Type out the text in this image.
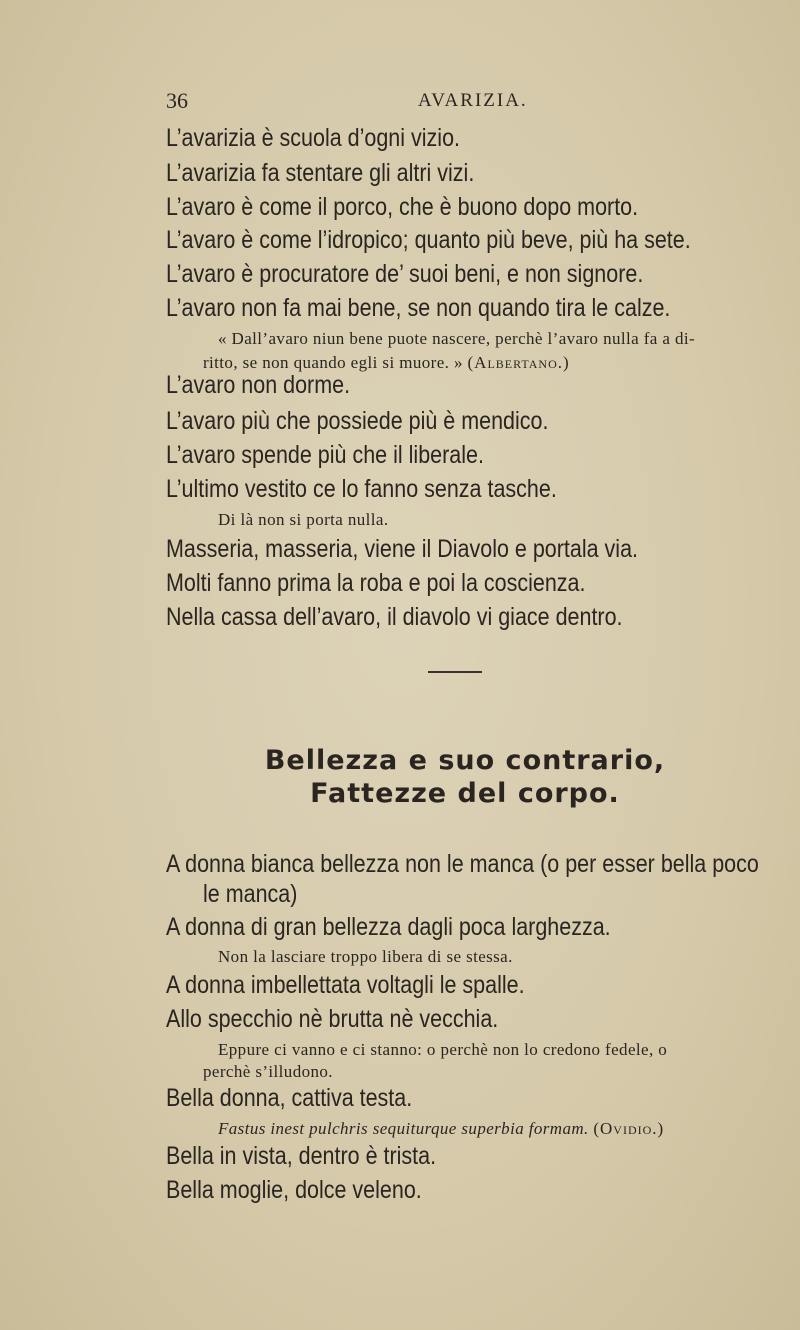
36	AVARIZIA.
L’avarizia è scuola d’ogni vizio.
L’avarizia fa stentare gli altri vizi.
L’avaro è come il porco, che è buono dopo morto.
L’avaro è come l’idropico; quanto più beve, più ha sete.
L’avaro è procuratore de’ suoi beni, e non signore.
L’avaro non fa mai bene, se non quando tira le calze.
« Dall’avaro niun bene puote nascere, perchè l’avaro nulla fa a di-
ritto, se non quando egli si muore. » (Albertano.)
L’avaro non dorme.
L’avaro più che possiede più è mendico.
L’avaro spende più che il liberale.
L’ultimo vestito ce lo fanno senza tasche.
Di là non si porta nulla.
Masseria, masseria, viene il Diavolo e portala via.
Molti fanno prima la roba e poi la coscienza.
Nella cassa dell’avaro, il diavolo vi giace dentro.
Bellezza e suo contrario,
Fattezze del corpo.
A donna bianca bellezza non le manca (o per esser bella poco
le manca)
A donna di gran bellezza dagli poca larghezza.
Non la lasciare troppo libera di se stessa.
A donna imbellettata voltagli le spalle.
Allo specchio nè brutta nè vecchia.
Eppure ci vanno e ci stanno: o perchè non lo credono fedele, o
perchè s’illudono.
Bella donna, cattiva testa.
Fastus inest pulchris sequiturque superbia formam. (Ovidio.)
Bella in vista, dentro è trista.
Bella moglie, dolce veleno.
